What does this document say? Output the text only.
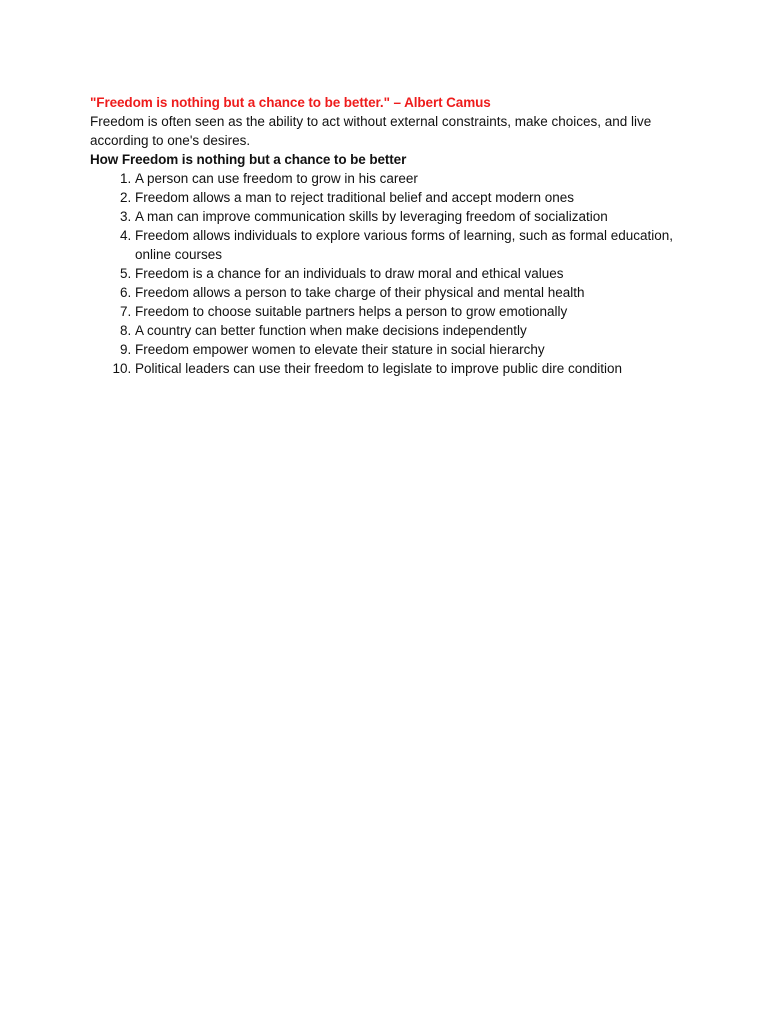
"Freedom is nothing but a chance to be better." – Albert Camus

Freedom is often seen as the ability to act without external constraints, make choices, and live according to one's desires.

How Freedom is nothing but a chance to be better

1. A person can use freedom to grow in his career
2. Freedom allows a man to reject traditional belief and accept modern ones
3. A man can improve communication skills by leveraging freedom of socialization
4. Freedom allows individuals to explore various forms of learning, such as formal education, online courses
5. Freedom is a chance for an individuals to draw moral and ethical values
6. Freedom allows a person to take charge of their physical and mental health
7. Freedom to choose suitable partners helps a person to grow emotionally
8. A country can better function when make decisions independently
9. Freedom empower women to elevate their stature in social hierarchy
10. Political leaders can use their freedom to legislate to improve public dire condition
